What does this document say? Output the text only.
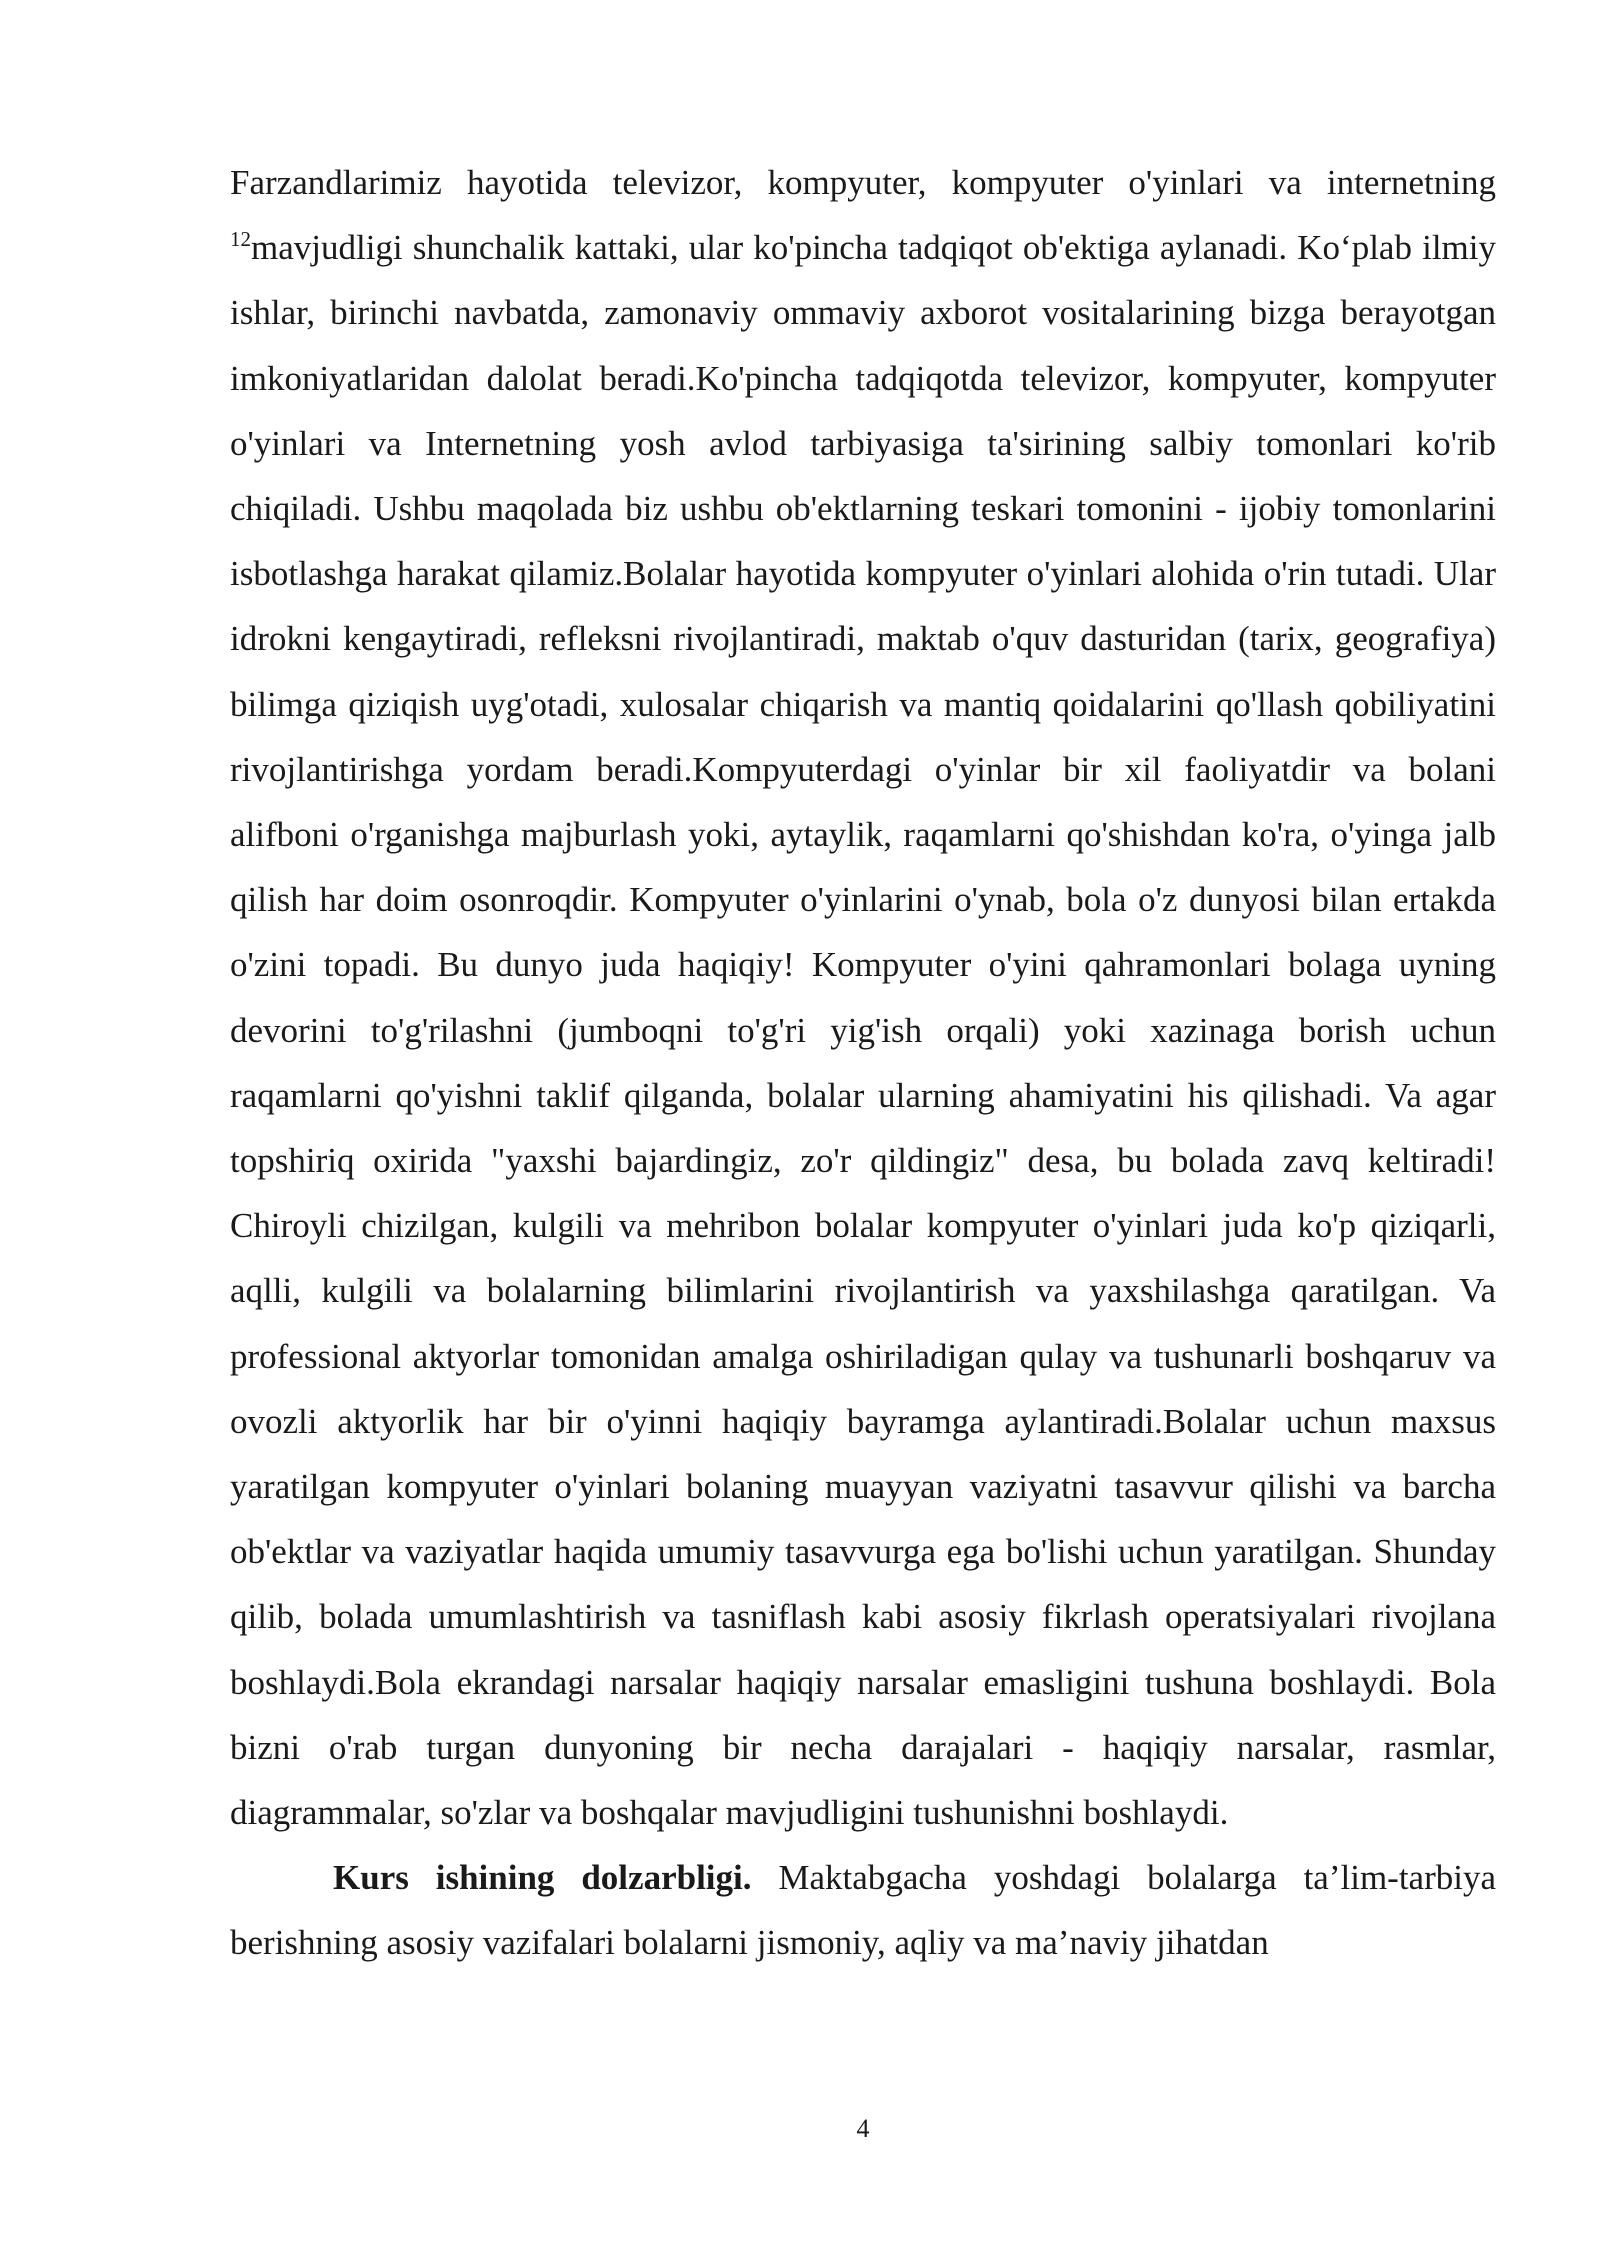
Farzandlarimiz hayotida televizor, kompyuter, kompyuter o'yinlari va internetning $^{12}$mavjudligi shunchalik kattaki, ular ko'pincha tadqiqot ob'ektiga aylanadi. Ko‘plab ilmiy ishlar, birinchi navbatda, zamonaviy ommaviy axborot vositalarining bizga berayotgan imkoniyatlaridan dalolat beradi.Ko'pincha tadqiqotda televizor, kompyuter, kompyuter o'yinlari va Internetning yosh avlod tarbiyasiga ta'sirining salbiy tomonlari ko'rib chiqiladi. Ushbu maqolada biz ushbu ob'ektlarning teskari tomonini - ijobiy tomonlarini isbotlashga harakat qilamiz.Bolalar hayotida kompyuter o'yinlari alohida o'rin tutadi. Ular idrokni kengaytiradi, refleksni rivojlantiradi, maktab o'quv dasturidan (tarix, geografiya) bilimga qiziqish uyg'otadi, xulosalar chiqarish va mantiq qoidalarini qo'llash qobiliyatini rivojlantirishga yordam beradi.Kompyuterdagi o'yinlar bir xil faoliyatdir va bolani alifboni o'rganishga majburlash yoki, aytaylik, raqamlarni qo'shishdan ko'ra, o'yinga jalb qilish har doim osonroqdir. Kompyuter o'yinlarini o'ynab, bola o'z dunyosi bilan ertakda o'zini topadi. Bu dunyo juda haqiqiy! Kompyuter o'yini qahramonlari bolaga uyning devorini to'g'rilashni (jumboqni to'g'ri yig'ish orqali) yoki xazinaga borish uchun raqamlarni qo'yishni taklif qilganda, bolalar ularning ahamiyatini his qilishadi. Va agar topshiriq oxirida "yaxshi bajardingiz, zo'r qildingiz" desa, bu bolada zavq keltiradi! Chiroyli chizilgan, kulgili va mehribon bolalar kompyuter o'yinlari juda ko'p qiziqarli, aqlli, kulgili va bolalarning bilimlarini rivojlantirish va yaxshilashga qaratilgan. Va professional aktyorlar tomonidan amalga oshiriladigan qulay va tushunarli boshqaruv va ovozli aktyorlik har bir o'yinni haqiqiy bayramga aylantiradi.Bolalar uchun maxsus yaratilgan kompyuter o'yinlari bolaning muayyan vaziyatni tasavvur qilishi va barcha ob'ektlar va vaziyatlar haqida umumiy tasavvurga ega bo'lishi uchun yaratilgan. Shunday qilib, bolada umumlashtirish va tasniflash kabi asosiy fikrlash operatsiyalari rivojlana boshlaydi.Bola ekrandagi narsalar haqiqiy narsalar emasligini tushuna boshlaydi. Bola bizni o'rab turgan dunyoning bir necha darajalari - haqiqiy narsalar, rasmlar, diagrammalar, so'zlar va boshqalar mavjudligini tushunishni boshlaydi.

Kurs ishining dolzarbligi. Maktabgacha yoshdagi bolalarga ta’lim-tarbiya berishning asosiy vazifalari bolalarni jismoniy, aqliy va ma’naviy jihatdan

4
